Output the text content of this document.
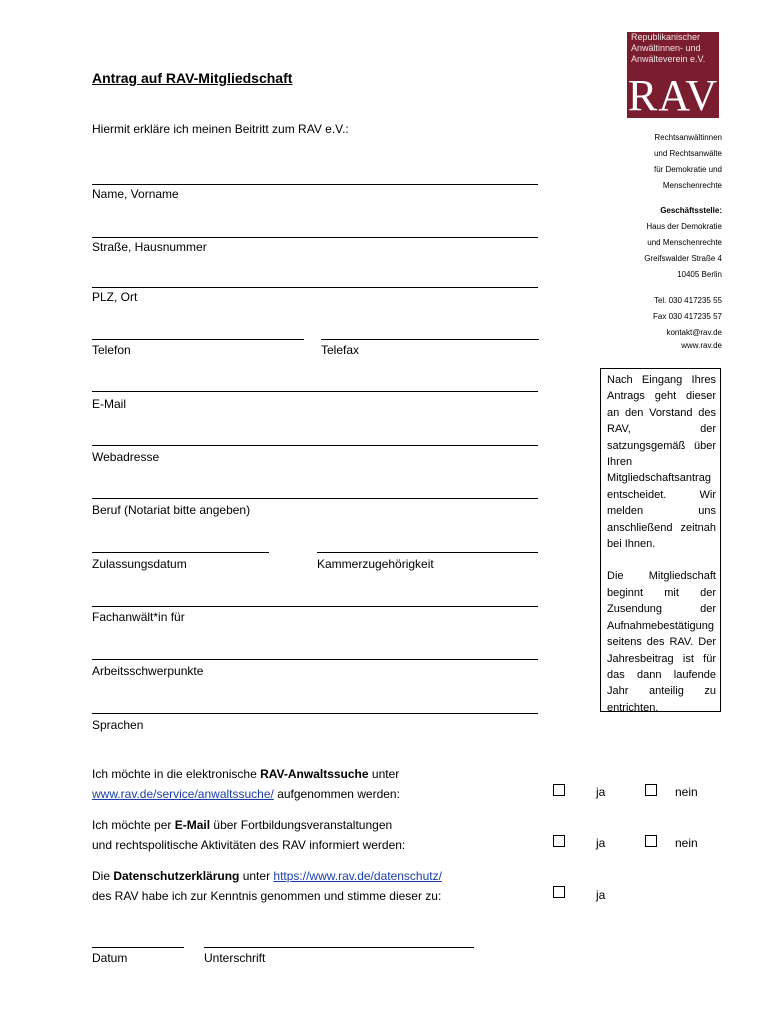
Antrag auf RAV-Mitgliedschaft
Hiermit erkläre ich meinen Beitritt zum RAV e.V.:
Republikanischer
Anwältinnen- und
Anwälteverein e.V.
RAV
Rechtsanwältinnen
und Rechtsanwälte
für Demokratie und
Menschenrechte
Geschäftsstelle:
Haus der Demokratie
und Menschenrechte
Greifswalder Straße 4
10405 Berlin
Tel. 030 417235 55
Fax 030 417235 57
kontakt@rav.de
www.rav.de

Nach Eingang Ihres Antrags geht dieser an den Vorstand des RAV, der satzungsgemäß über Ihren Mitgliedschaftsantrag entscheidet. Wir melden uns anschließend zeitnah bei Ihnen.

Die Mitgliedschaft beginnt mit der Zusendung der Aufnahmebestätigung seitens des RAV. Der Jahresbeitrag ist für das dann laufende Jahr anteilig zu entrichten.

Name, Vorname
Straße, Hausnummer
PLZ, Ort
Telefon	Telefax
E-Mail
Webadresse
Beruf (Notariat bitte angeben)
Zulassungsdatum	Kammerzugehörigkeit
Fachanwält*in für
Arbeitsschwerpunkte
Sprachen
Ich möchte in die elektronische RAV-Anwaltssuche unter
www.rav.de/service/anwaltssuche/ aufgenommen werden:	ja	nein
Ich möchte per E-Mail über Fortbildungsveranstaltungen
und rechtspolitische Aktivitäten des RAV informiert werden:	ja	nein
Die Datenschutzerklärung unter https://www.rav.de/datenschutz/
des RAV habe ich zur Kenntnis genommen und stimme dieser zu:	ja
Datum	Unterschrift
